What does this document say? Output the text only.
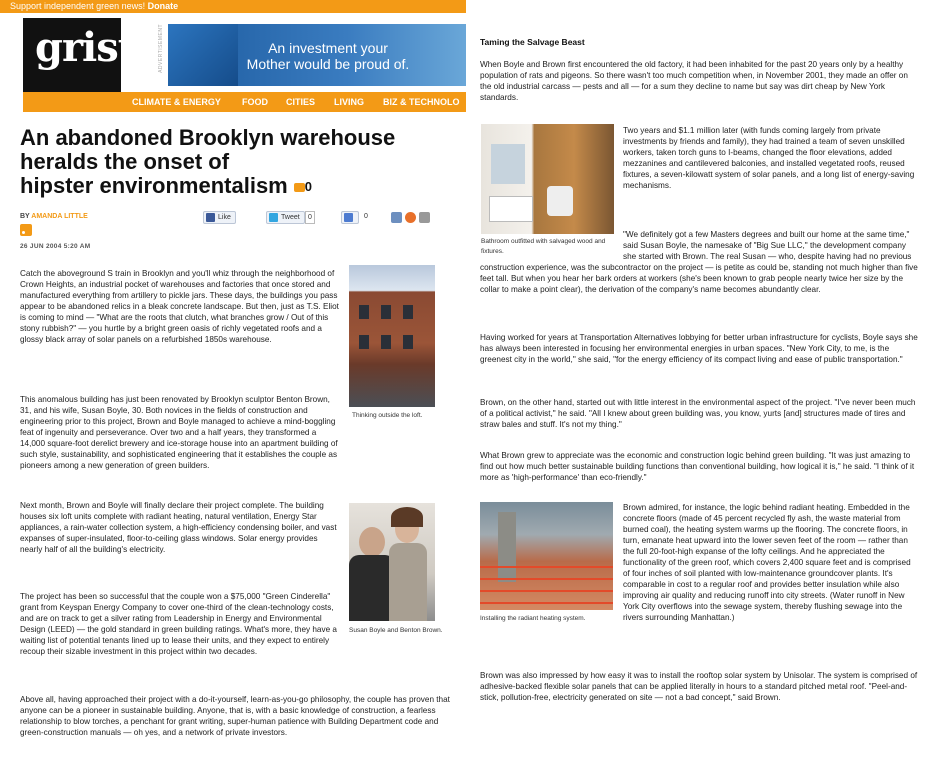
Support independent green news! Donate
grist	ADVERTISEMENT	An investment your
Mother would be proud of.
CLIMATE & ENERGY FOOD CITIES LIVING BIZ & TECHNOLO
An abandoned Brooklyn warehouse
heralds the onset of
hipster environmentalism 0
BY AMANDA LITTLE	Like	Tweet	0	0
26 JUN 2004 5:20 AM
Catch the aboveground S train in Brooklyn and you'll whiz through the neighborhood of Crown Heights, an industrial pocket of warehouses and factories that once stored and manufactured everything from artillery to pickle jars. These days, the buildings you pass appear to be abandoned relics in a bleak concrete landscape. But then, just as T.S. Eliot is coming to mind — "What are the roots that clutch, what branches grow / Out of this stony rubbish?" — you hurtle by a bright green oasis of richly vegetated roofs and a glossy black array of solar panels on a refurbished 1850s warehouse.
Thinking outside the loft.
This anomalous building has just been renovated by Brooklyn sculptor Benton Brown, 31, and his wife, Susan Boyle, 30. Both novices in the fields of construction and engineering prior to this project, Brown and Boyle managed to achieve a mind-boggling feat of ingenuity and perseverance. Over two and a half years, they transformed a 14,000 square-foot derelict brewery and ice-storage house into an apartment building of such style, sustainability, and sophisticated engineering that it establishes the couple as pioneers among a new generation of green builders.
Susan Boyle and Benton Brown.
Next month, Brown and Boyle will finally declare their project complete. The building houses six loft units complete with radiant heating, natural ventilation, Energy Star appliances, a rain-water collection system, a high-efficiency condensing boiler, and vast expanses of super-insulated, floor-to-ceiling glass windows. Solar energy provides nearly half of all the building's electricity.
The project has been so successful that the couple won a $75,000 "Green Cinderella" grant from Keyspan Energy Company to cover one-third of the clean-technology costs, and are on track to get a silver rating from Leadership in Energy and Environmental Design (LEED) — the gold standard in green building ratings. What's more, they have a waiting list of potential tenants lined up to lease their units, and they expect to entirely recoup their sizable investment in this project within two decades.
Above all, having approached their project with a do-it-yourself, learn-as-you-go philosophy, the couple has proven that anyone can be a pioneer in sustainable building. Anyone, that is, with a basic knowledge of construction, a fearless relationship to blow torches, a penchant for grant writing, super-human patience with Building Department code and green-construction manuals — oh yes, and a network of private investors.
Taming the Salvage Beast
When Boyle and Brown first encountered the old factory, it had been inhabited for the past 20 years only by a healthy population of rats and pigeons. So there wasn't too much competition when, in November 2001, they made an offer on the old industrial carcass — pests and all — for a sum they decline to name but say was dirt cheap by New York standards.
Bathroom outfitted with salvaged wood and fixtures.
Two years and $1.1 million later (with funds coming largely from private investments by friends and family), they had trained a team of seven unskilled workers, taken torch guns to I-beams, changed the floor elevations, added mezzanines and cantilevered balconies, and installed vegetated roofs, reused fixtures, a seven-kilowatt system of solar panels, and a long list of energy-saving mechanisms.
"We definitely got a few Masters degrees and built our home at the same time," said Susan Boyle, the namesake of "Big Sue LLC," the development company she started with Brown. The real Susan — who, despite having had no previous construction experience, was the subcontractor on the project — is petite as could be, standing not much higher than five feet tall. But when you hear her bark orders at workers (she's been known to grab people nearly twice her size by the collar to make a point clear), the derivation of the company's name becomes abundantly clear.
Having worked for years at Transportation Alternatives lobbying for better urban infrastructure for cyclists, Boyle says she has always been interested in focusing her environmental energies in urban spaces. "New York City, to me, is the greenest city in the world," she said, "for the energy efficiency of its compact living and ease of public transportation."
Brown, on the other hand, started out with little interest in the environmental aspect of the project. "I've never been much of a political activist," he said. "All I knew about green building was, you know, yurts [and] structures made of tires and straw bales and stuff. It's not my thing."
What Brown grew to appreciate was the economic and construction logic behind green building. "It was just amazing to find out how much better sustainable building functions than conventional building, how logical it is," he said. "I think of it more as 'high-performance' than eco-friendly."
Installing the radiant heating system.
Brown admired, for instance, the logic behind radiant heating. Embedded in the concrete floors (made of 45 percent recycled fly ash, the waste material from burned coal), the heating system warms up the flooring. The concrete floors, in turn, emanate heat upward into the lower seven feet of the room — rather than the full 20-foot-high expanse of the lofty ceilings. And he appreciated the functionality of the green roof, which covers 2,400 square feet and is comprised of four inches of soil planted with low-maintenance groundcover plants. It's comparable in cost to a regular roof and provides better insulation while also improving air quality and reducing runoff into city streets. (Water runoff in New York City overflows into the sewage system, thereby flushing sewage into the rivers surrounding Manhattan.)
Brown was also impressed by how easy it was to install the rooftop solar system by Unisolar. The system is comprised of adhesive-backed flexible solar panels that can be applied literally in hours to a standard pitched metal roof. "Peel-and-stick, pollution-free, electricity generated on site — not a bad concept," said Brown.
